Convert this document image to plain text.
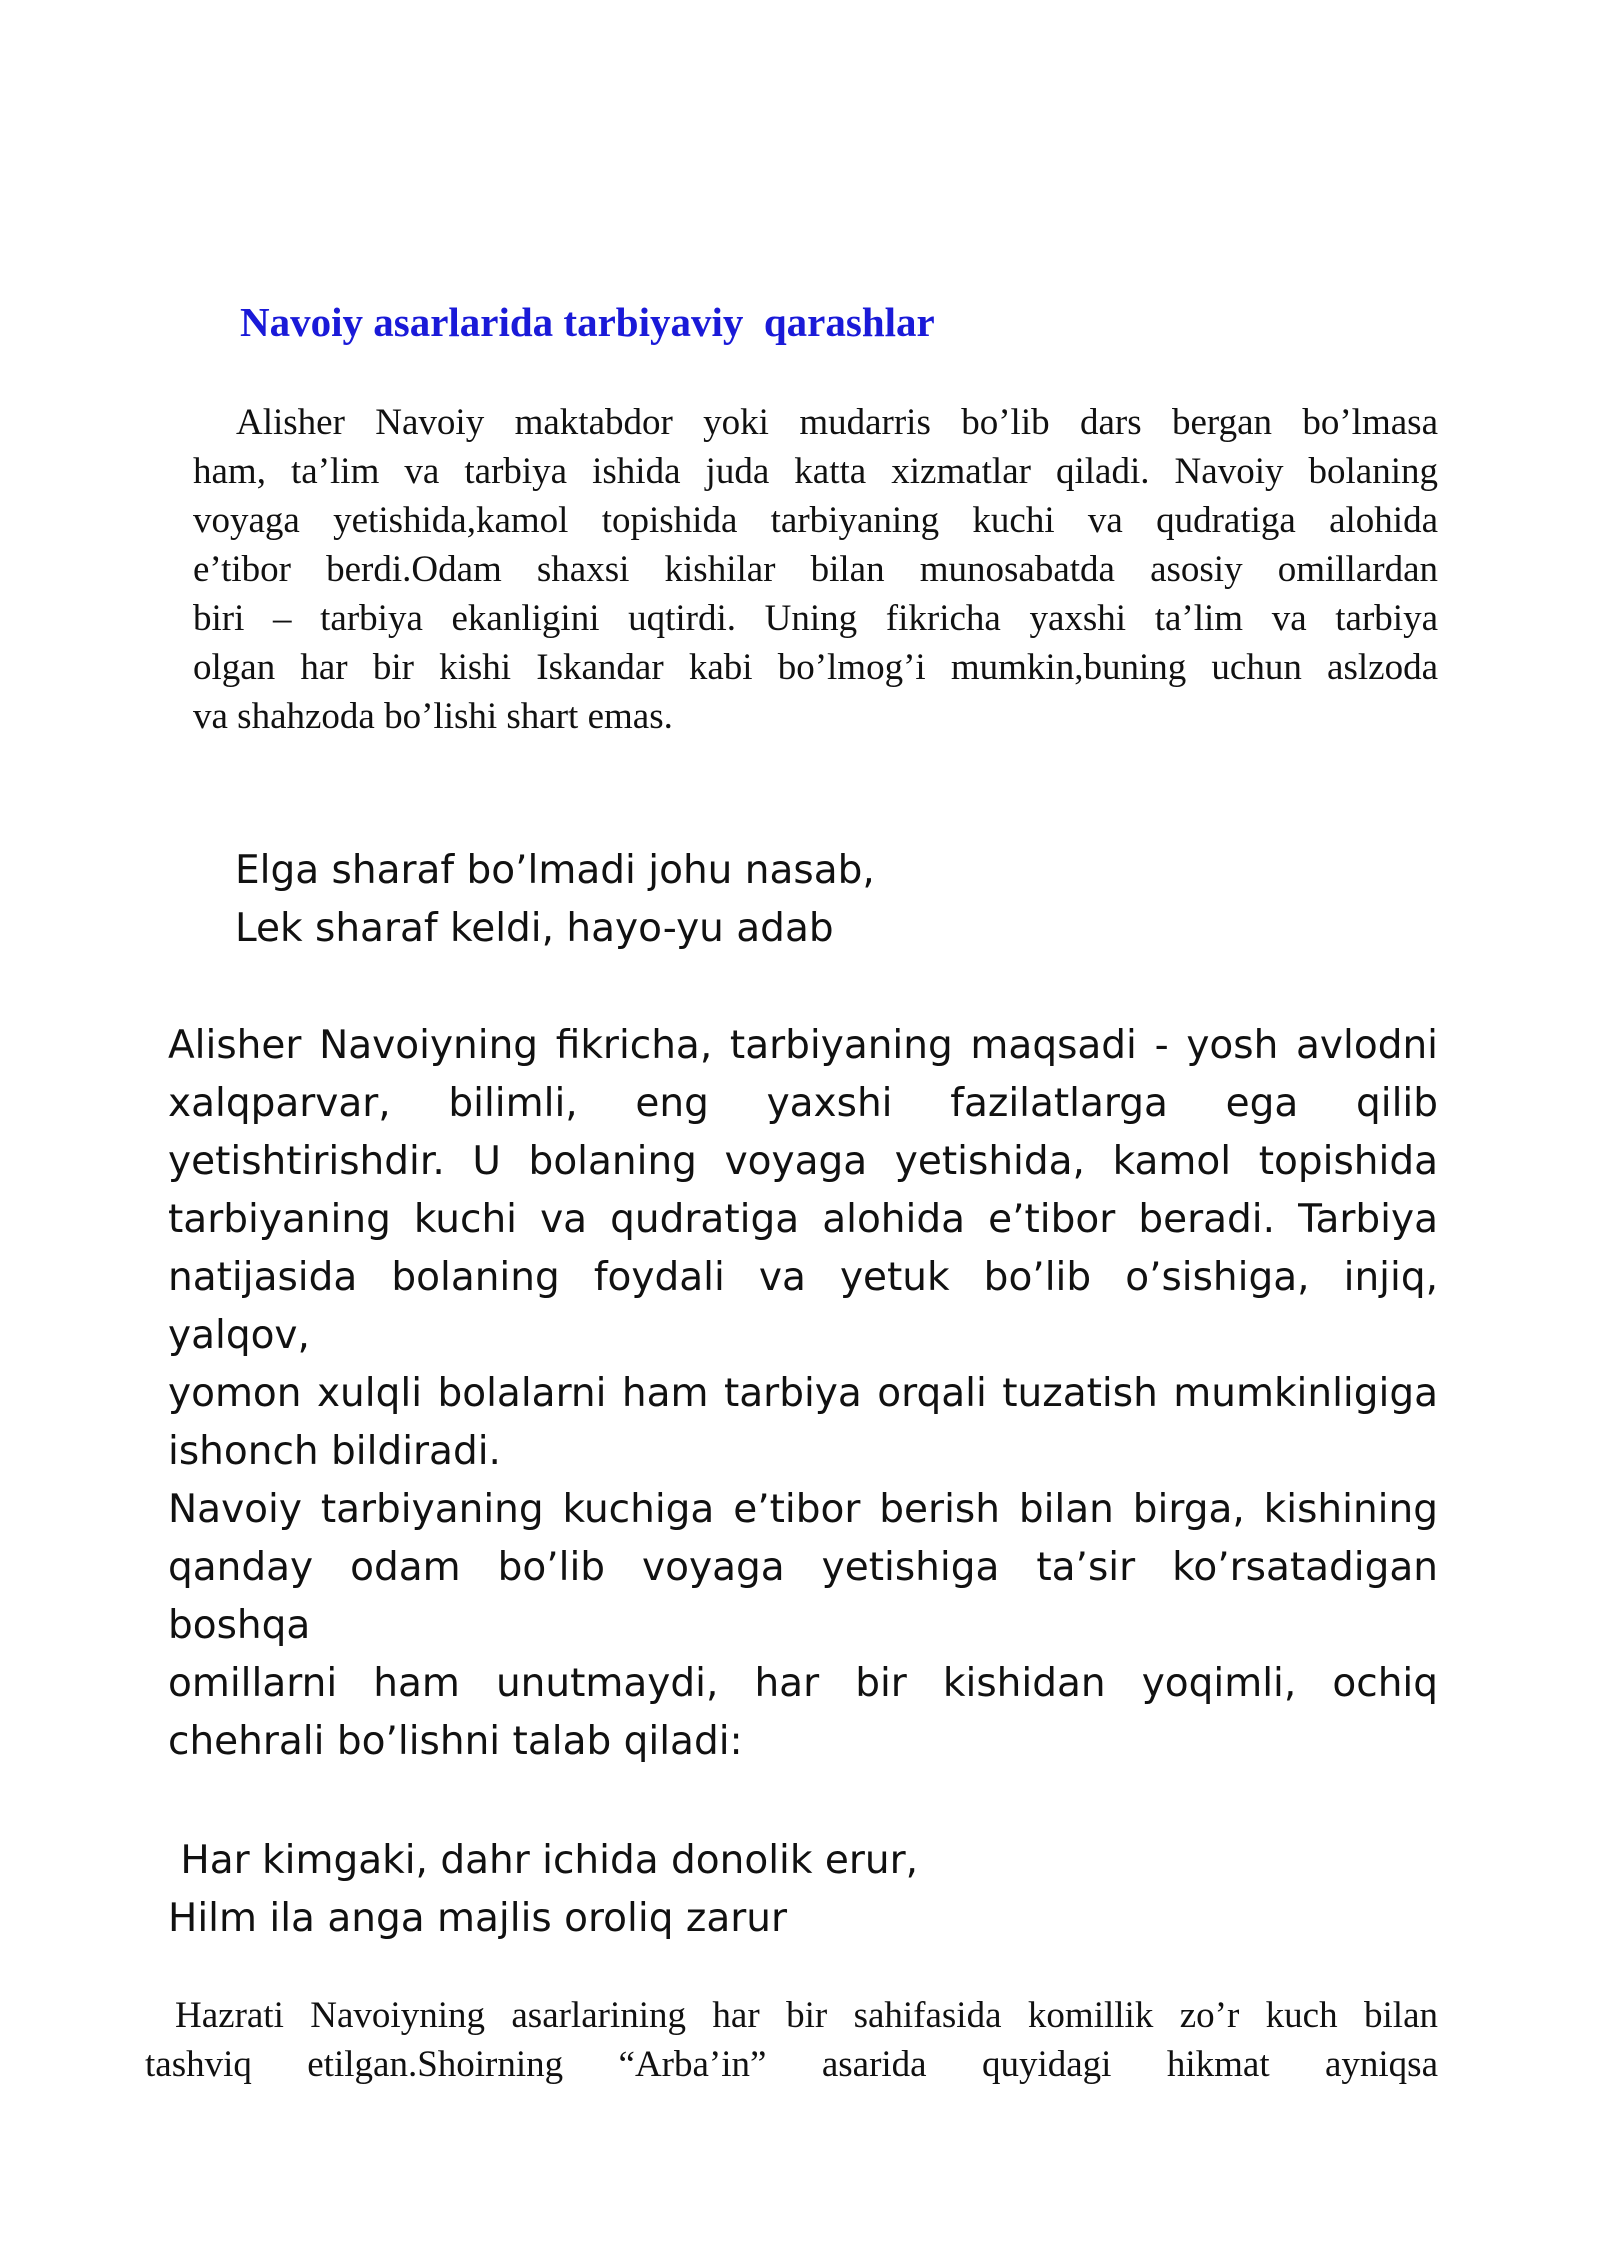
Navoiy asarlarida tarbiyaviy  qarashlar
Alisher Navoiy maktabdor yoki mudarris bo’lib dars bergan bo’lmasa
ham, ta’lim va tarbiya ishida juda katta xizmatlar qiladi. Navoiy bolaning
voyaga yetishida,kamol topishida tarbiyaning kuchi va qudratiga alohida
e’tibor berdi.Odam shaxsi kishilar bilan munosabatda asosiy omillardan
biri – tarbiya ekanligini uqtirdi. Uning fikricha yaxshi ta’lim va tarbiya
olgan har bir kishi Iskandar kabi bo’lmog’i mumkin,buning uchun aslzoda
va shahzoda bo’lishi shart emas.
Elga sharaf bo’lmadi johu nasab,
Lek sharaf keldi, hayo-yu adab
Alisher Navoiyning fikricha, tarbiyaning maqsadi - yosh avlodni
xalqparvar, bilimli, eng yaxshi fazilatlarga ega qilib
yetishtirishdir. U bolaning voyaga yetishida, kamol topishida
tarbiyaning kuchi va qudratiga alohida e’tibor beradi. Tarbiya
natijasida bolaning foydali va yetuk bo’lib o’sishiga, injiq, yalqov,
yomon xulqli bolalarni ham tarbiya orqali tuzatish mumkinligiga
ishonch bildiradi.
Navoiy tarbiyaning kuchiga e’tibor berish bilan birga, kishining
qanday odam bo’lib voyaga yetishiga ta’sir ko’rsatadigan boshqa
omillarni ham unutmaydi, har bir kishidan yoqimli, ochiq
chehrali bo’lishni talab qiladi:
Har kimgaki, dahr ichida donolik erur,
Hilm ila anga majlis oroliq zarur
Hazrati Navoiyning asarlarining har bir sahifasida komillik zo’r kuch bilan
tashviq etilgan.Shoirning “Arba’in” asarida quyidagi hikmat ayniqsa
